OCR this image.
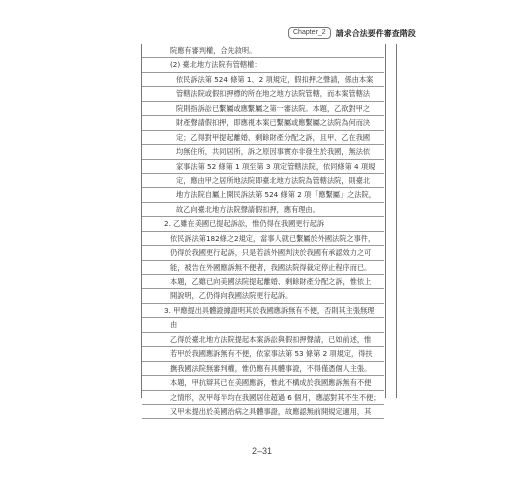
Chapter_2	請求合法要件審查階段
院應有審判權，合先敘明。
(2) 臺北地方法院有管轄權：
依民訴法第 524 條第 1、2 項規定，假扣押之聲請，係由本案
管轄法院或假扣押標的所在地之地方法院管轄，而本案管轄法
院則指訴訟已繫屬或應繫屬之第一審法院。本題，乙欲對甲之
財產聲請假扣押，即應視本案已繫屬或應繫屬之法院為何而決
定；乙得對甲提起離婚、剩餘財產分配之訴，且甲、乙在我國
均無住所，共同居所，訴之原因事實亦非發生於我國，無法依
家事法第 52 條第 1 項至第 3 項定管轄法院，依同條第 4 項規
定，應由甲之居所地法院即臺北地方法院為管轄法院，則臺北
地方法院自屬上開民訴法第 524 條第 2 項「應繫屬」之法院，
故乙向臺北地方法院聲請假扣押，應有理由。
2. 乙雖在美國已提起訴訟，惟仍得在我國更行起訴
依民訴法第182條之2規定，當事人就已繫屬於外國法院之事件，
仍得於我國更行起訴，只是若該外國判決於我國有承認效力之可
能，被告在外國應訴無不便者，我國法院得裁定停止程序而已。
本題，乙雖已向美國法院提起離婚、剩餘財產分配之訴，惟依上
開說明，乙仍得向我國法院更行起訴。
3. 甲應提出具體證據證明其於我國應訴無有不便，否則其主張無理
由
乙得於臺北地方法院提起本案訴訟與假扣押聲請，已如前述，惟
若甲於我國應訴無有不便，依家事法第 53 條第 2 項規定，得扶
撫我國法院無審判權，惟仍應有具體事證，不得僅憑個人主張。
本題，甲抗辯其已在美國應訴，惟此不構成於我國應訴無有不便
之情形，況甲每半均在我國居住超過 6 個月，應認對其不生不便；
又甲未提出於美國治病之具體事證，故應認無前開規定適用，其
2–31
